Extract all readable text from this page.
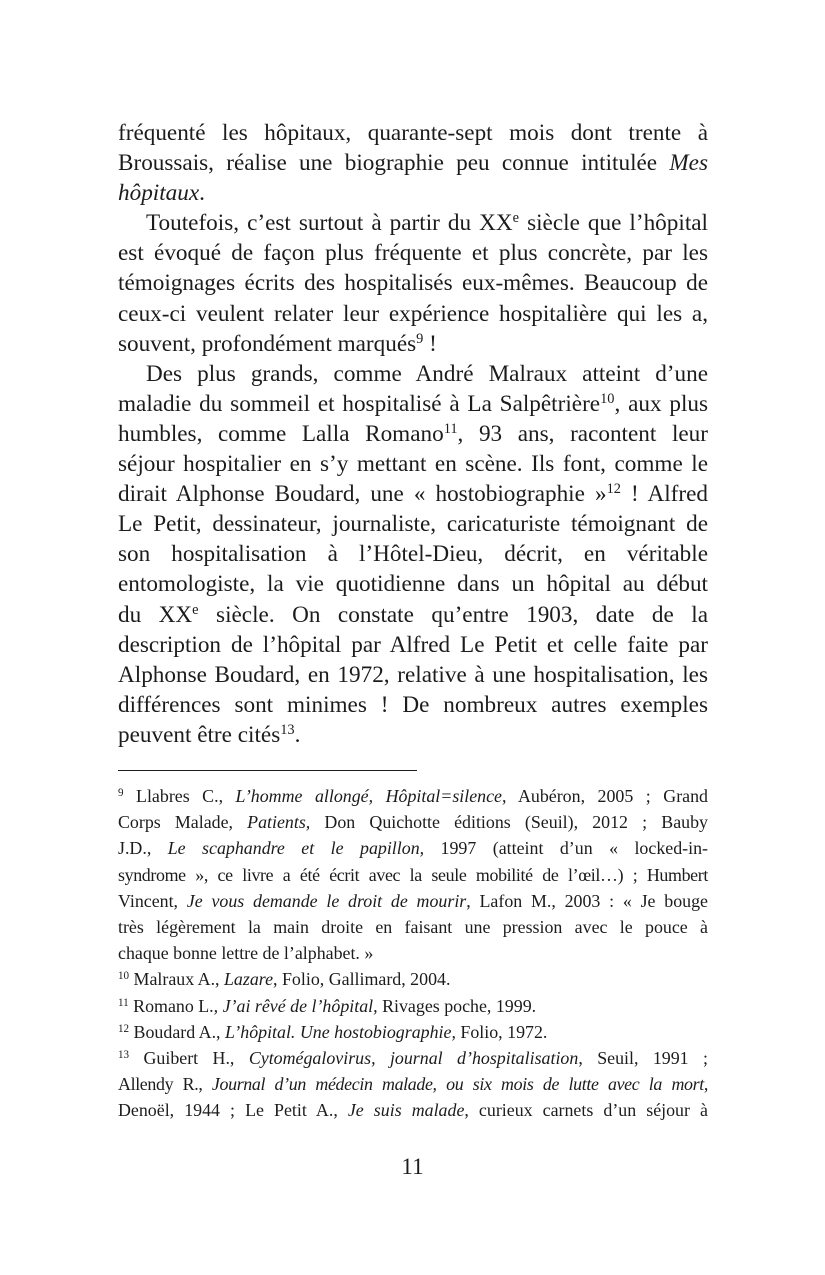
fréquenté les hôpitaux, quarante-sept mois dont trente à
Broussais, réalise une biographie peu connue intitulée Mes
hôpitaux.
Toutefois, c’est surtout à partir du XXe siècle que l’hôpital
est évoqué de façon plus fréquente et plus concrète, par les
témoignages écrits des hospitalisés eux-mêmes. Beaucoup de
ceux-ci veulent relater leur expérience hospitalière qui les a,
souvent, profondément marqués$^9$ !
Des plus grands, comme André Malraux atteint d’une
maladie du sommeil et hospitalisé à La Salpêtrière$^{10}$, aux plus
humbles, comme Lalla Romano$^{11}$, 93 ans, racontent leur
séjour hospitalier en s’y mettant en scène. Ils font, comme le
dirait Alphonse Boudard, une « hostobiographie »$^{12}$ ! Alfred
Le Petit, dessinateur, journaliste, caricaturiste témoignant de
son hospitalisation à l’Hôtel-Dieu, décrit, en véritable
entomologiste, la vie quotidienne dans un hôpital au début
du XXe siècle. On constate qu’entre 1903, date de la
description de l’hôpital par Alfred Le Petit et celle faite par
Alphonse Boudard, en 1972, relative à une hospitalisation, les
différences sont minimes ! De nombreux autres exemples
peuvent être cités$^{13}$.
$^9$ Llabres C., L’homme allongé, Hôpital=silence, Aubéron, 2005 ; Grand
Corps Malade, Patients, Don Quichotte éditions (Seuil), 2012 ; Bauby
J.D., Le scaphandre et le papillon, 1997 (atteint d’un « locked-in-
syndrome », ce livre a été écrit avec la seule mobilité de l’œil…) ; Humbert
Vincent, Je vous demande le droit de mourir, Lafon M., 2003 : « Je bouge
très légèrement la main droite en faisant une pression avec le pouce à
chaque bonne lettre de l’alphabet. »
$^{10}$ Malraux A., Lazare, Folio, Gallimard, 2004.
$^{11}$ Romano L., J’ai rêvé de l’hôpital, Rivages poche, 1999.
$^{12}$ Boudard A., L’hôpital. Une hostobiographie, Folio, 1972.
$^{13}$ Guibert H., Cytomégalovirus, journal d’hospitalisation, Seuil, 1991 ;
Allendy R., Journal d’un médecin malade, ou six mois de lutte avec la mort,
Denoël, 1944 ; Le Petit A., Je suis malade, curieux carnets d’un séjour à
11
